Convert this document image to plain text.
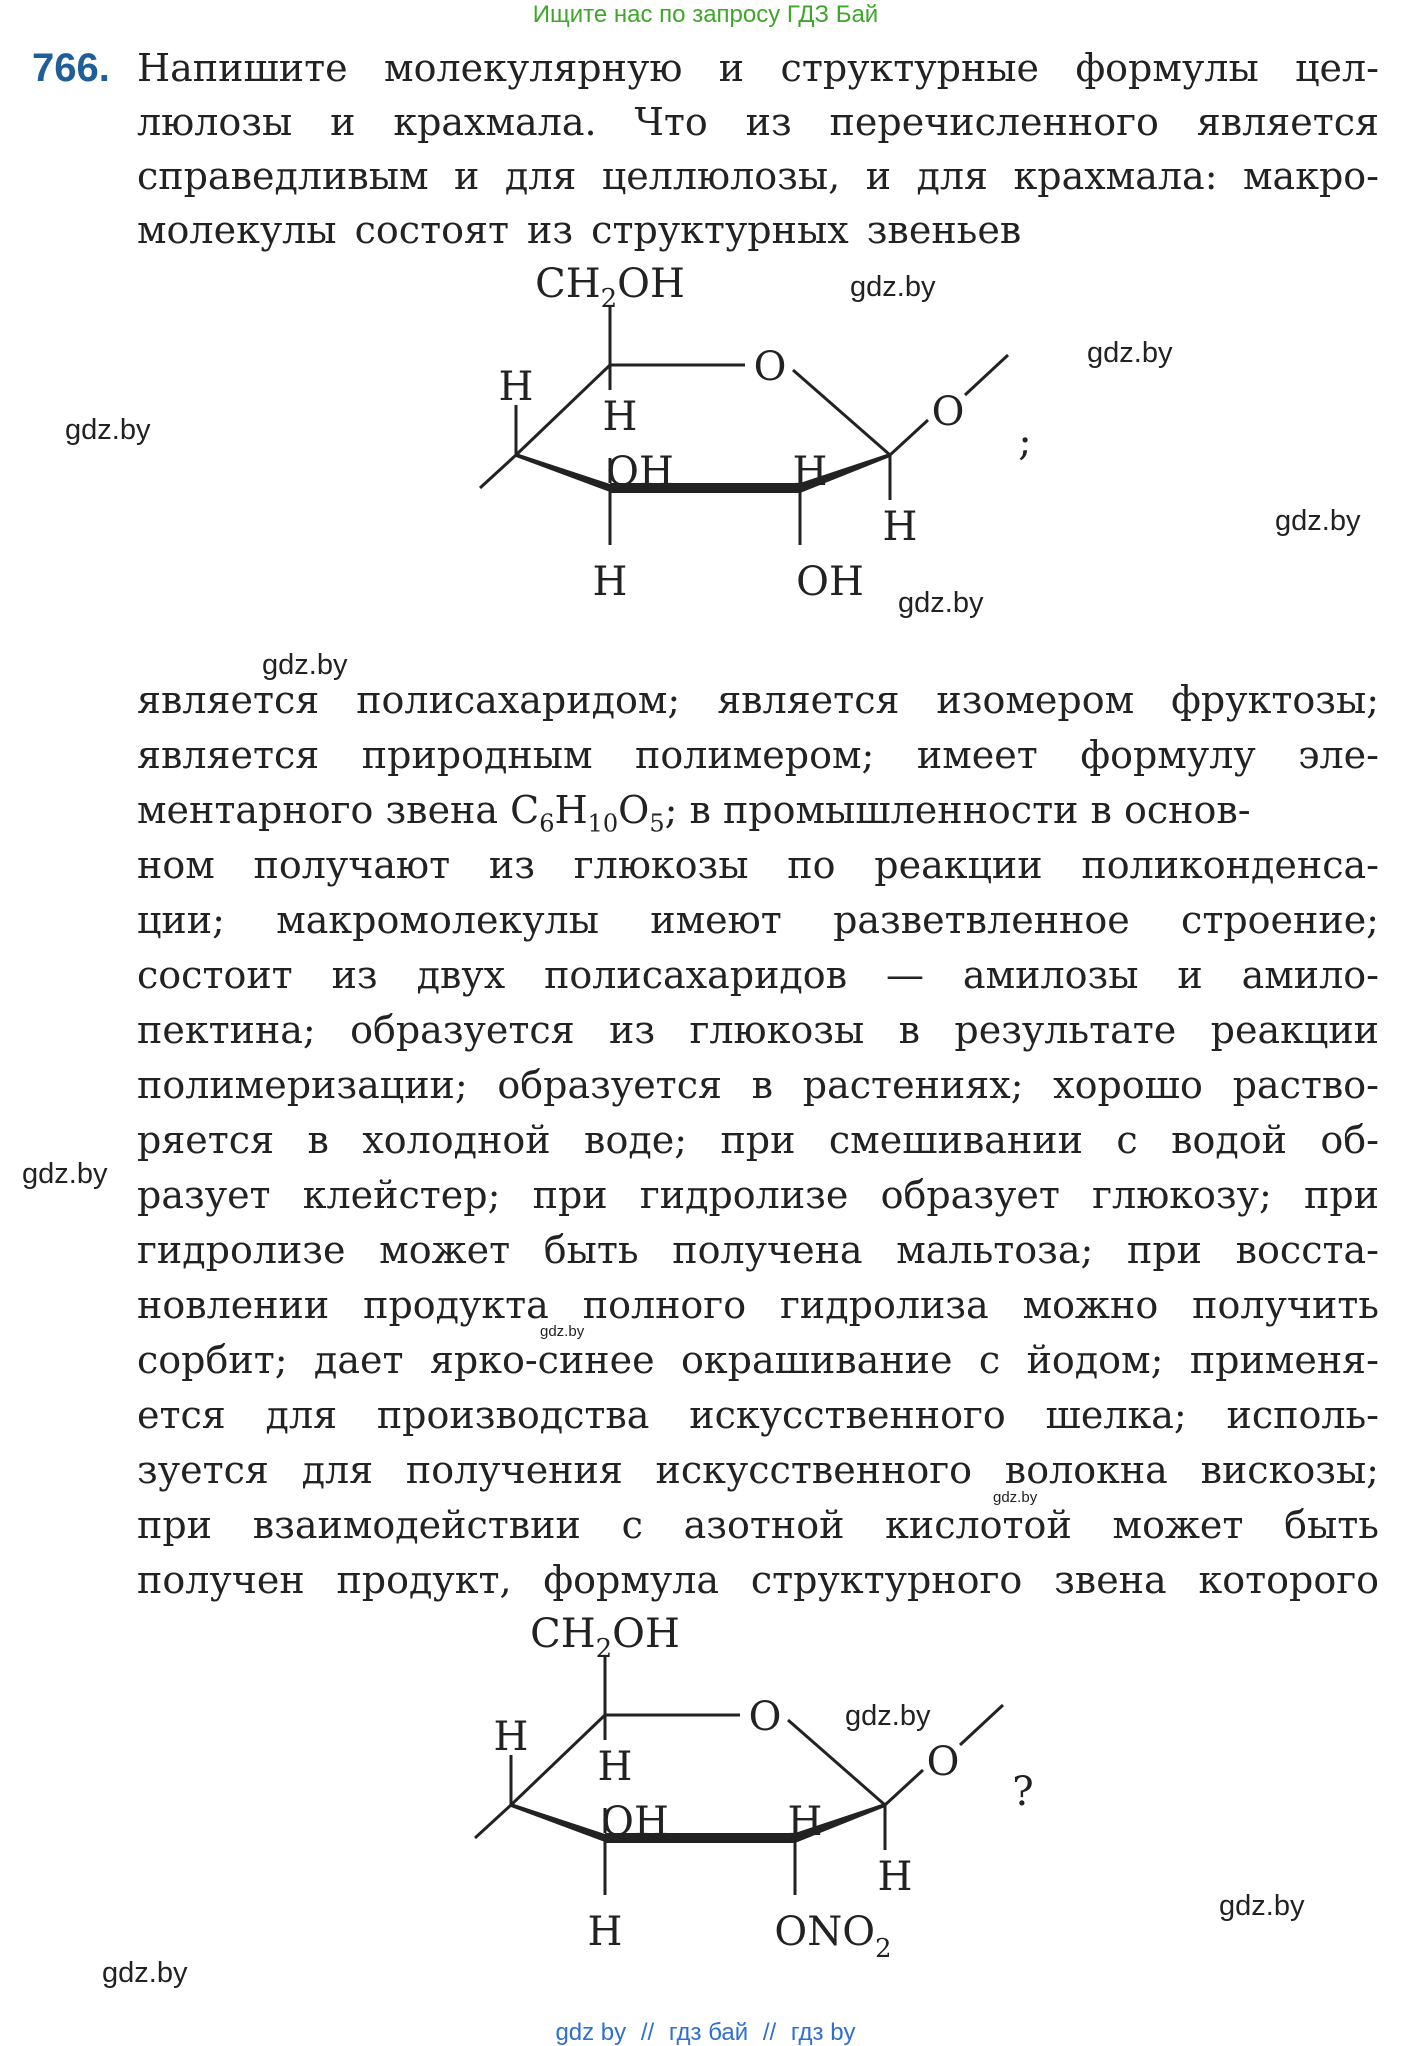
Ищите нас по запросу ГДЗ Бай
766. Напишите молекулярную и структурные формулы цел-
люлозы и крахмала. Что из перечисленного является
справедливым и для целлюлозы, и для крахмала: макро-
молекулы состоят из структурных звеньев
$CH_2OH$
O
O
H
H
OH	H
H	OH
H
;
является полисахаридом; является изомером фруктозы;
является природным полимером; имеет формулу эле-
ментарного звена $C_6H_{10}O_5$; в промышленности в основ-
ном получают из глюкозы по реакции поликонденса-
ции; макромолекулы имеют разветвленное строение;
состоит из двух полисахаридов — амилозы и амило-
пектина; образуется из глюкозы в результате реакции
полимеризации; образуется в растениях; хорошо раство-
ряется в холодной воде; при смешивании с водой об-
разует клейстер; при гидролизе образует глюкозу; при
гидролизе может быть получена мальтоза; при восста-
новлении продукта полного гидролиза можно получить
сорбит; дает ярко-синее окрашивание с йодом; применя-
ется для производства искусственного шелка; исполь-
зуется для получения искусственного волокна вискозы;
при взаимодействии с азотной кислотой может быть
получен продукт, формула структурного звена которого
$CH_2OH$
O
O
H
H
OH	H
H	$ONO_2$
H
?
gdz.by
gdz.by
gdz.by
gdz.by
gdz.by
gdz.by
gdz.by
gdz.by
gdz.by
gdz.by
gdz.by
gdz.by
gdz by // гдз бай // гдз by
